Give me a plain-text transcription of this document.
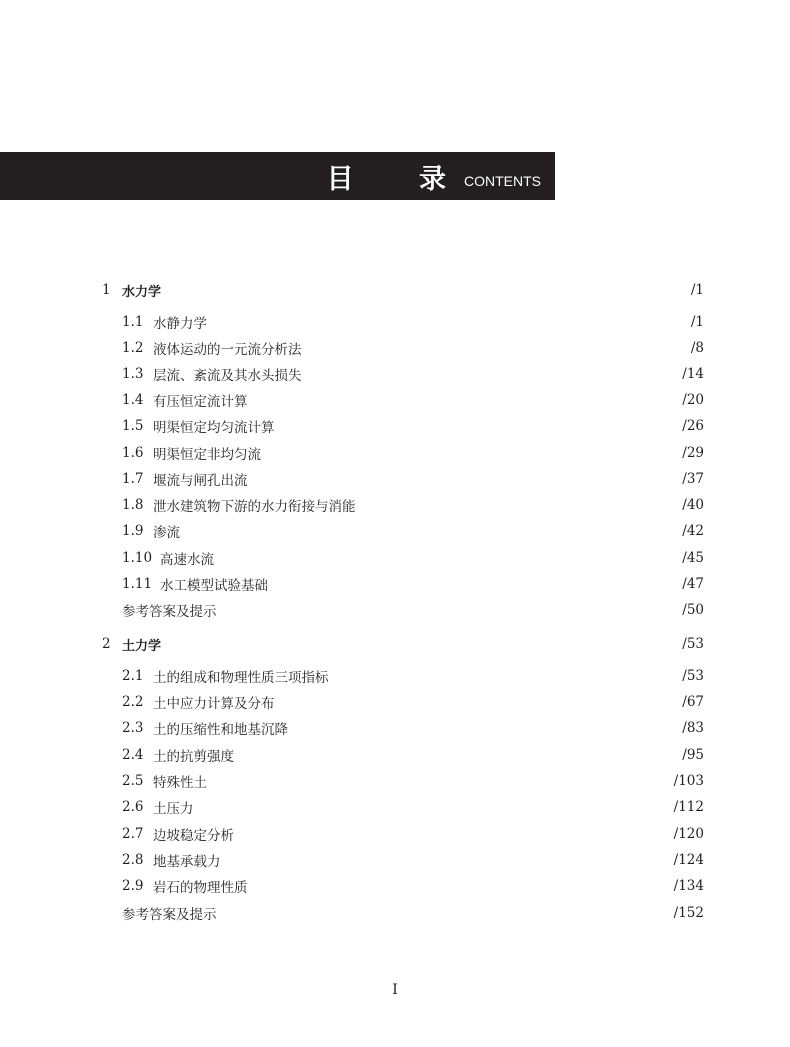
目 录
CONTENTS
1 水力学	/1
1.1 水静力学	/1
1.2 液体运动的一元流分析法	/8
1.3 层流、紊流及其水头损失	/14
1.4 有压恒定流计算	/20
1.5 明渠恒定均匀流计算	/26
1.6 明渠恒定非均匀流	/29
1.7 堰流与闸孔出流	/37
1.8 泄水建筑物下游的水力衔接与消能	/40
1.9 渗流	/42
1.10 高速水流	/45
1.11 水工模型试验基础	/47
参考答案及提示	/50
2 土力学	/53
2.1 土的组成和物理性质三项指标	/53
2.2 土中应力计算及分布	/67
2.3 土的压缩性和地基沉降	/83
2.4 土的抗剪强度	/95
2.5 特殊性土	/103
2.6 土压力	/112
2.7 边坡稳定分析	/120
2.8 地基承载力	/124
2.9 岩石的物理性质	/134
参考答案及提示	/152
I
